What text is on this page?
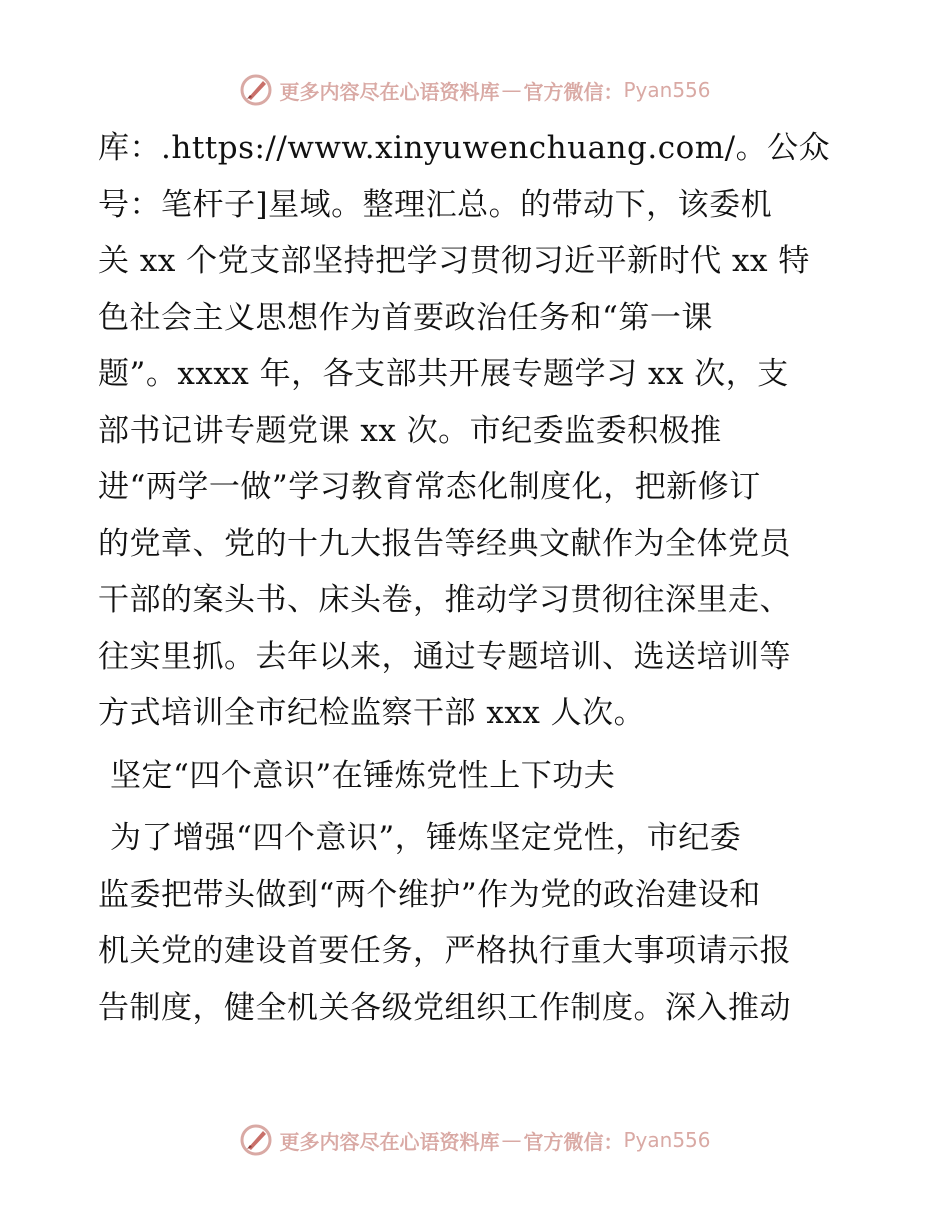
更多内容尽在心语资料库 — 官方微信： Pyan556
库：.https://www.xinyuwenchuang.com/。公众
号：笔杆子]星域。整理汇总。的带动下，该委机
关 xx 个党支部坚持把学习贯彻习近平新时代 xx 特
色社会主义思想作为首要政治任务和“第一课
题”。xxxx 年，各支部共开展专题学习 xx 次，支
部书记讲专题党课 xx 次。市纪委监委积极推
进“两学一做”学习教育常态化制度化，把新修订
的党章、党的十九大报告等经典文献作为全体党员
干部的案头书、床头卷，推动学习贯彻往深里走、
往实里抓。去年以来，通过专题培训、选送培训等
方式培训全市纪检监察干部 xxx 人次。
坚定“四个意识”在锤炼党性上下功夫
为了增强“四个意识”，锤炼坚定党性，市纪委
监委把带头做到“两个维护”作为党的政治建设和
机关党的建设首要任务，严格执行重大事项请示报
告制度，健全机关各级党组织工作制度。深入推动
更多内容尽在心语资料库 — 官方微信： Pyan556
